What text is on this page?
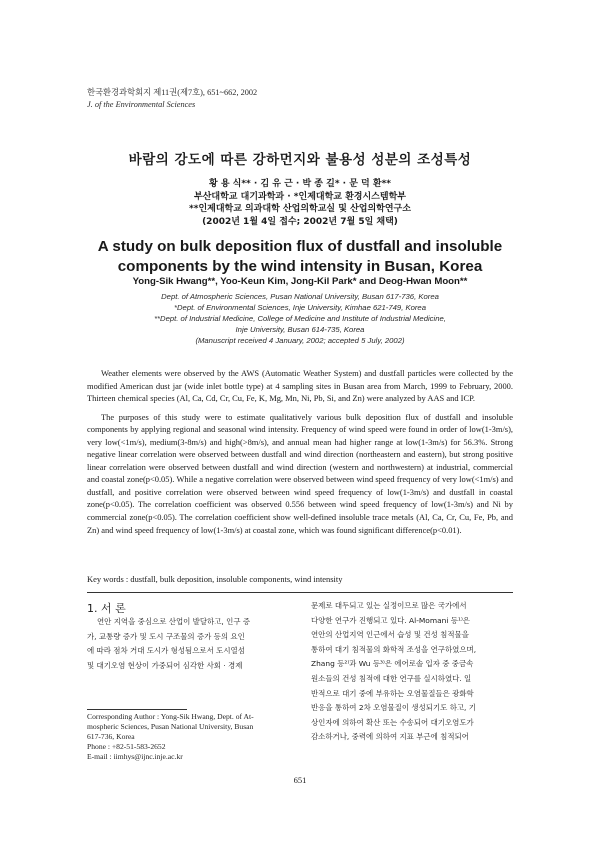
한국환경과학회지 제11권(제7호), 651~662, 2002
J. of the Environmental Sciences
바람의 강도에 따른 강하먼지와 불용성 성분의 조성특성
황 용 식** · 김 유 근 · 박 종 길* · 문 덕 환**
부산대학교 대기과학과 · *인제대학교 환경시스템학부
**인제대학교 의과대학 산업의학교실 및 산업의학연구소
(2002년 1월 4일 접수; 2002년 7월 5일 채택)
A study on bulk deposition flux of dustfall and insoluble
components by the wind intensity in Busan, Korea
Yong-Sik Hwang**, Yoo-Keun Kim, Jong-Kil Park* and Deog-Hwan Moon**
Dept. of Atmospheric Sciences, Pusan National University, Busan 617-736, Korea
*Dept. of Environmental Sciences, Inje University, Kimhae 621-749, Korea
**Dept. of Industrial Medicine, College of Medicine and Institute of Industrial Medicine,
Inje University, Busan 614-735, Korea
(Manuscript received 4 January, 2002; accepted 5 July, 2002)

Weather elements were observed by the AWS (Automatic Weather System) and dustfall particles were collected by the modified American dust jar (wide inlet bottle type) at 4 sampling sites in Busan area from March, 1999 to February, 2000. Thirteen chemical species (Al, Ca, Cd, Cr, Cu, Fe, K, Mg, Mn, Ni, Pb, Si, and Zn) were analyzed by AAS and ICP.

The purposes of this study were to estimate qualitatively various bulk deposition flux of dustfall and insoluble components by applying regional and seasonal wind intensity. Frequency of wind speed were found in order of low(1-3m/s), very low(<1m/s), medium(3-8m/s) and high(>8m/s), and annual mean had higher range at low(1-3m/s) for 56.3%. Strong negative linear correlation were observed between dustfall and wind direction (northeastern and eastern), but strong positive linear correlation were observed between dustfall and wind direction (western and northwestern) at industrial, commercial and coastal zone(p<0.05). While a negative correlation were observed between wind speed frequency of very low(<1m/s) and dustfall, and positive correlation were observed between wind speed frequency of low(1-3m/s) and dustfall in coastal zone(p<0.05). The correlation coefficient was observed 0.556 between wind speed frequency of low(1-3m/s) and Ni by commercial zone(p<0.05). The correlation coefficient show well-defined insoluble trace metals (Al, Ca, Cr, Cu, Fe, Pb, and Zn) and wind speed frequency of low(1-3m/s) at coastal zone, which was found significant difference(p<0.01).

Key words : dustfall, bulk deposition, insoluble components, wind intensity
1. 서 론
연안 지역을 중심으로 산업이 발달하고, 인구 증
가, 교통량 증가 및 도시 구조물의 증가 등의 요인
에 따라 점차 거대 도시가 형성됨으로서 도시열섬
및 대기오염 현상이 가중되어 심각한 사회 · 경제
문제로 대두되고 있는 실정이므로 많은 국가에서
다양한 연구가 진행되고 있다. Al-Momani 등¹⁾은
연안의 산업지역 인근에서 습성 및 건성 침적물을
통하여 대기 침적물의 화학적 조성을 연구하였으며,
Zhang 등²⁾과 Wu 등³⁾은 에어로솔 입자 중 중금속
원소들의 건성 침적에 대한 연구를 실시하였다. 일
반적으로 대기 중에 부유하는 오염물질들은 광화학
반응을 통하여 2차 오염물질이 생성되기도 하고, 기
상인자에 의하여 확산 또는 수송되어 대기오염도가
감소하거나, 중력에 의하여 지표 부근에 침적되어
Corresponding Author : Yong-Sik Hwang, Dept. of At-
mospheric Sciences, Pusan National University, Busan
617-736, Korea
Phone : +82-51-583-2652
E-mail : iimhys@ijnc.inje.ac.kr
651
